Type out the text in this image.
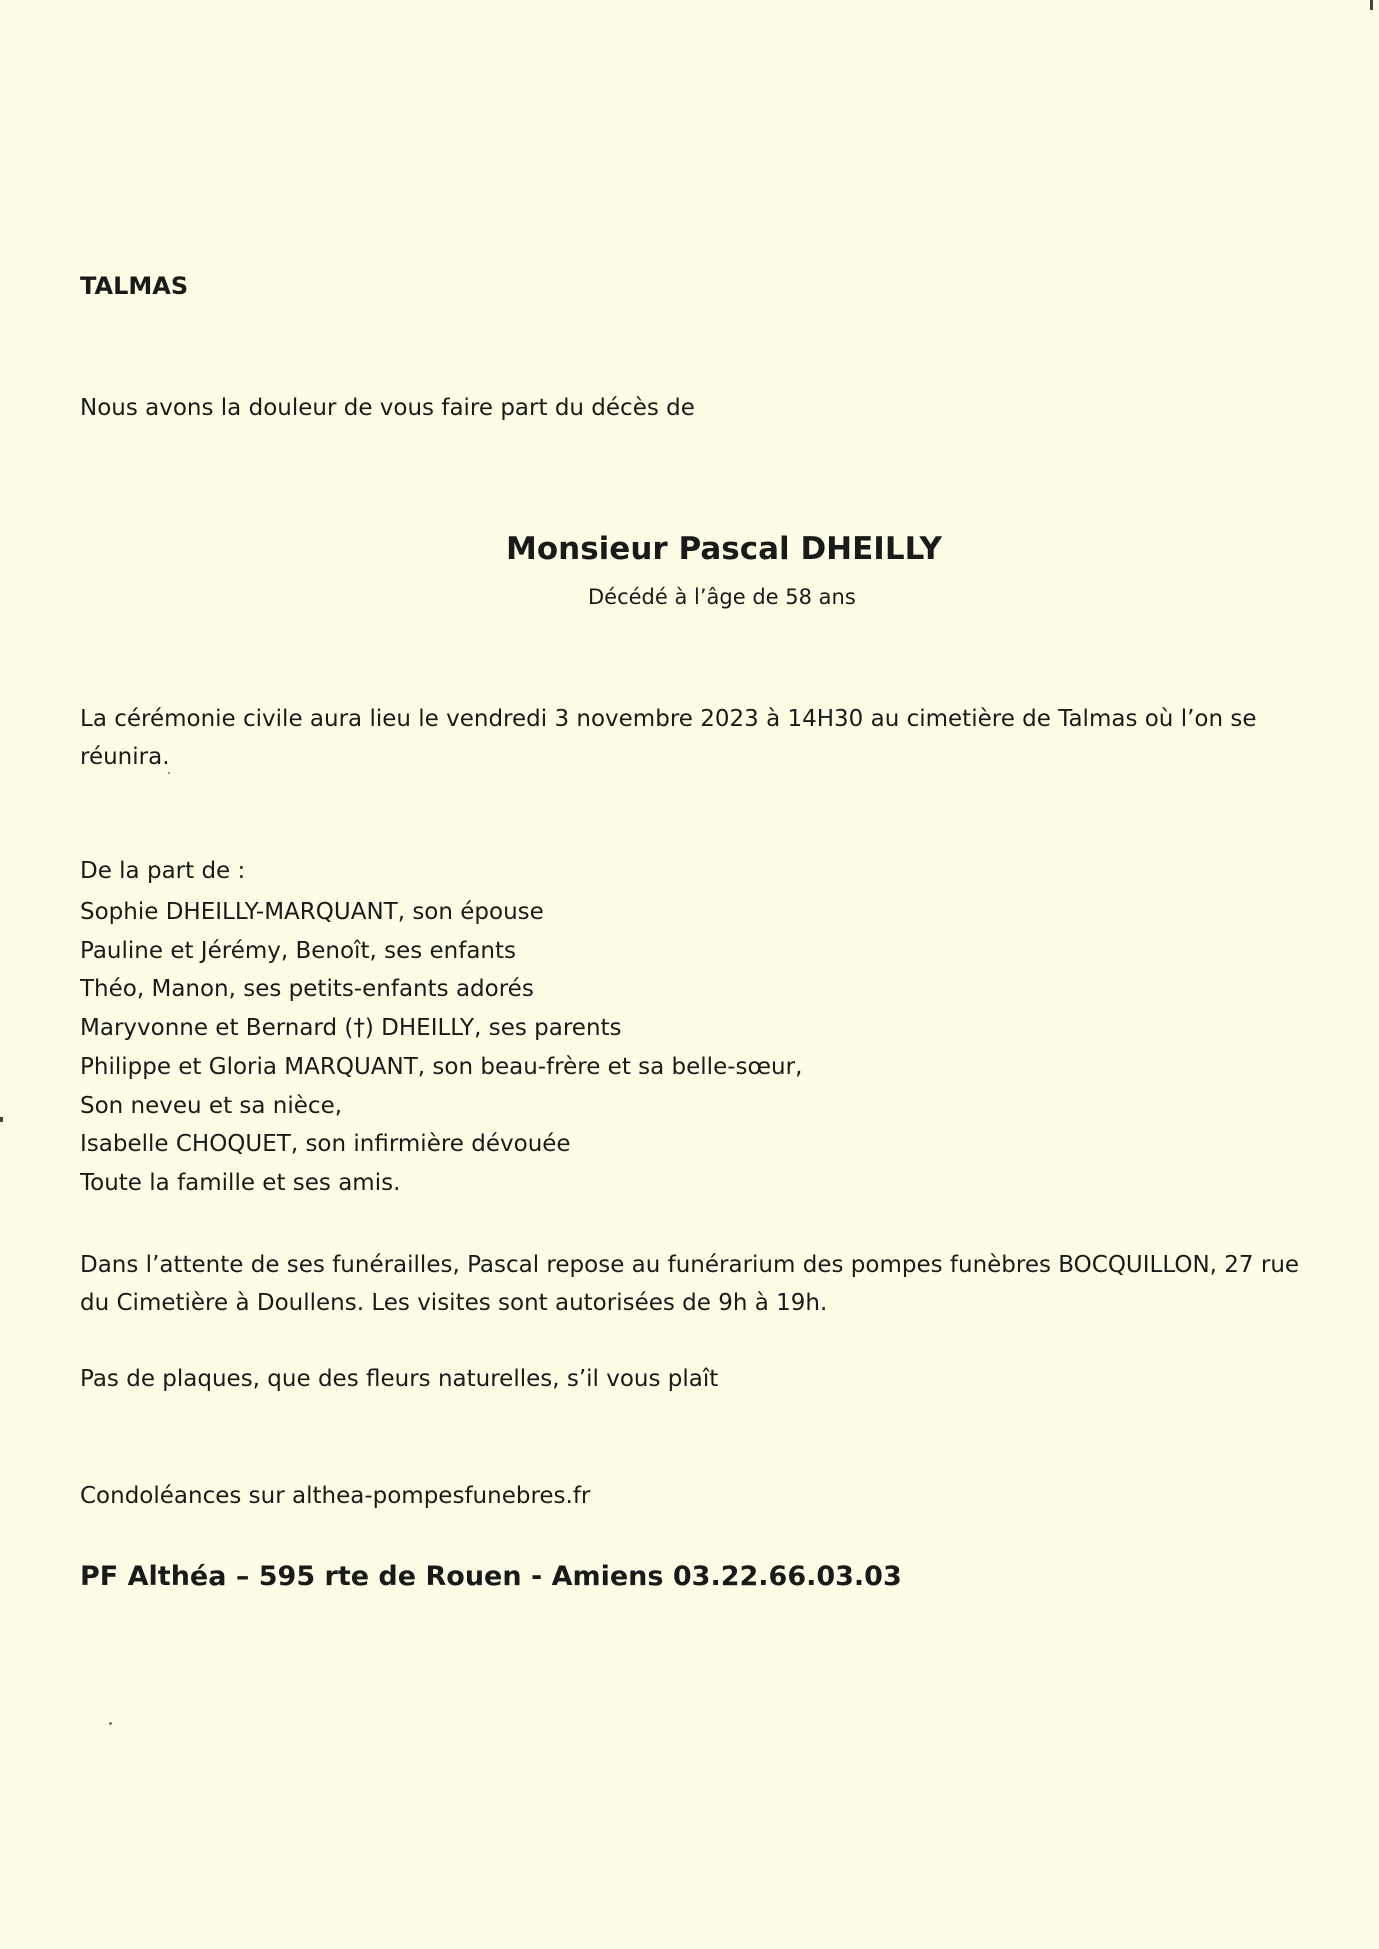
TALMAS
Nous avons la douleur de vous faire part du décès de
Monsieur Pascal DHEILLY
Décédé à l’âge de 58 ans
La cérémonie civile aura lieu le vendredi 3 novembre 2023 à 14H30 au cimetière de Talmas où l’on se réunira.
De la part de :
Sophie DHEILLY-MARQUANT, son épouse
Pauline et Jérémy, Benoît, ses enfants
Théo, Manon, ses petits-enfants adorés
Maryvonne et Bernard (†) DHEILLY, ses parents
Philippe et Gloria MARQUANT, son beau-frère et sa belle-sœur,
Son neveu et sa nièce,
Isabelle CHOQUET, son infirmière dévouée
Toute la famille et ses amis.
Dans l’attente de ses funérailles, Pascal repose au funérarium des pompes funèbres BOCQUILLON, 27 rue du Cimetière à Doullens. Les visites sont autorisées de 9h à 19h.
Pas de plaques, que des fleurs naturelles, s’il vous plaît
Condoléances sur althea-pompesfunebres.fr
PF Althéa – 595 rte de Rouen - Amiens 03.22.66.03.03
